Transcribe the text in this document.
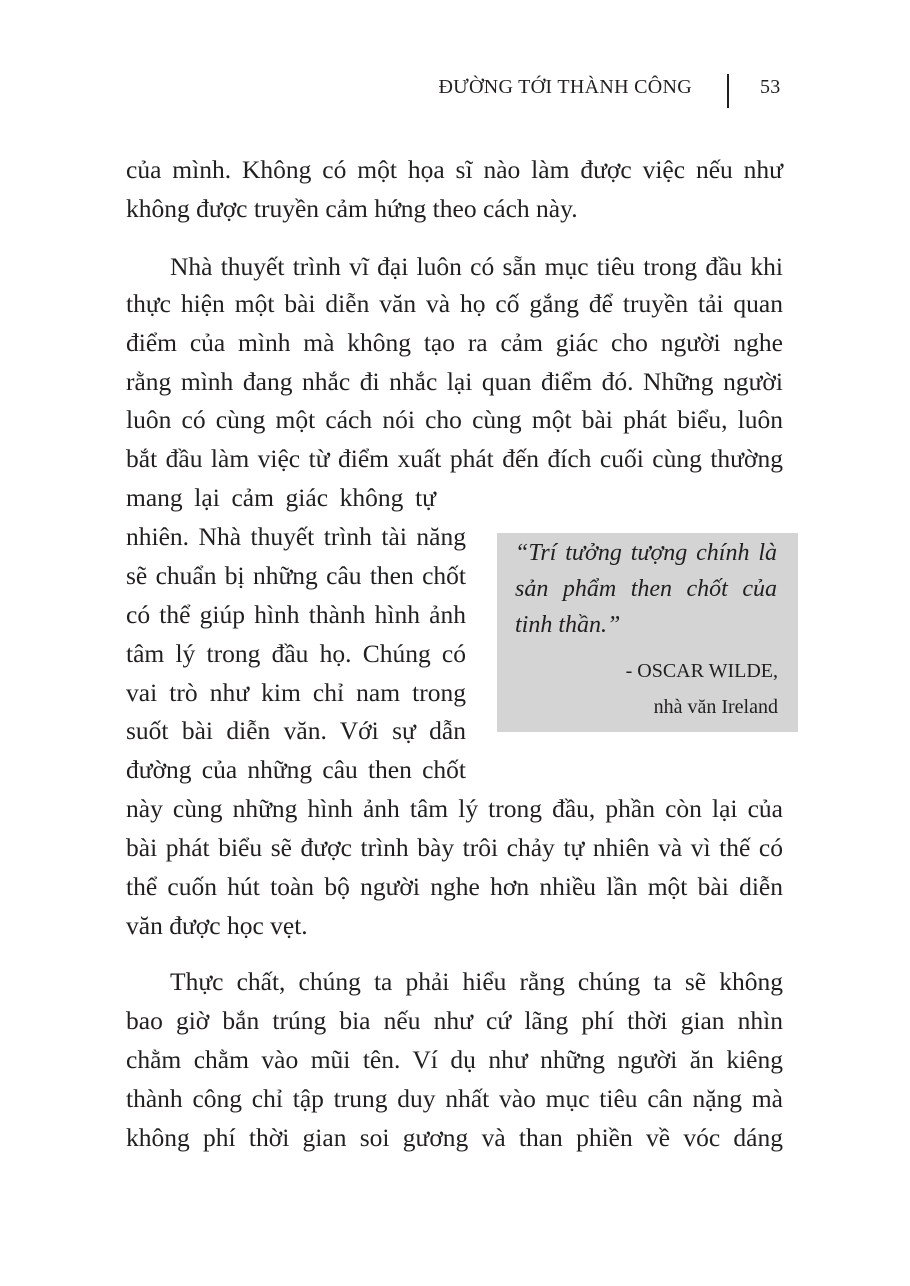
ĐƯỜNG TỚI THÀNH CÔNG	53
của mình. Không có một họa sĩ nào làm được việc nếu như
không được truyền cảm hứng theo cách này.
Nhà thuyết trình vĩ đại luôn có sẵn mục tiêu trong đầu khi
thực hiện một bài diễn văn và họ cố gắng để truyền tải quan
điểm của mình mà không tạo ra cảm giác cho người nghe
rằng mình đang nhắc đi nhắc lại quan điểm đó. Những người
luôn có cùng một cách nói cho cùng một bài phát biểu, luôn
bắt đầu làm việc từ điểm xuất phát đến đích cuối cùng thường
mang lại cảm giác không tự
nhiên. Nhà thuyết trình tài năng
sẽ chuẩn bị những câu then chốt
có thể giúp hình thành hình ảnh
tâm lý trong đầu họ. Chúng có
vai trò như kim chỉ nam trong
suốt bài diễn văn. Với sự dẫn
đường của những câu then chốt
này cùng những hình ảnh tâm lý trong đầu, phần còn lại của
bài phát biểu sẽ được trình bày trôi chảy tự nhiên và vì thế có
thể cuốn hút toàn bộ người nghe hơn nhiều lần một bài diễn
văn được học vẹt.
Thực chất, chúng ta phải hiểu rằng chúng ta sẽ không
bao giờ bắn trúng bia nếu như cứ lãng phí thời gian nhìn
chằm chằm vào mũi tên. Ví dụ như những người ăn kiêng
thành công chỉ tập trung duy nhất vào mục tiêu cân nặng mà
không phí thời gian soi gương và than phiền về vóc dáng
“Trí tưởng tượng chính là
sản phẩm then chốt của
tinh thần.”
- OSCAR WILDE,
nhà văn Ireland
